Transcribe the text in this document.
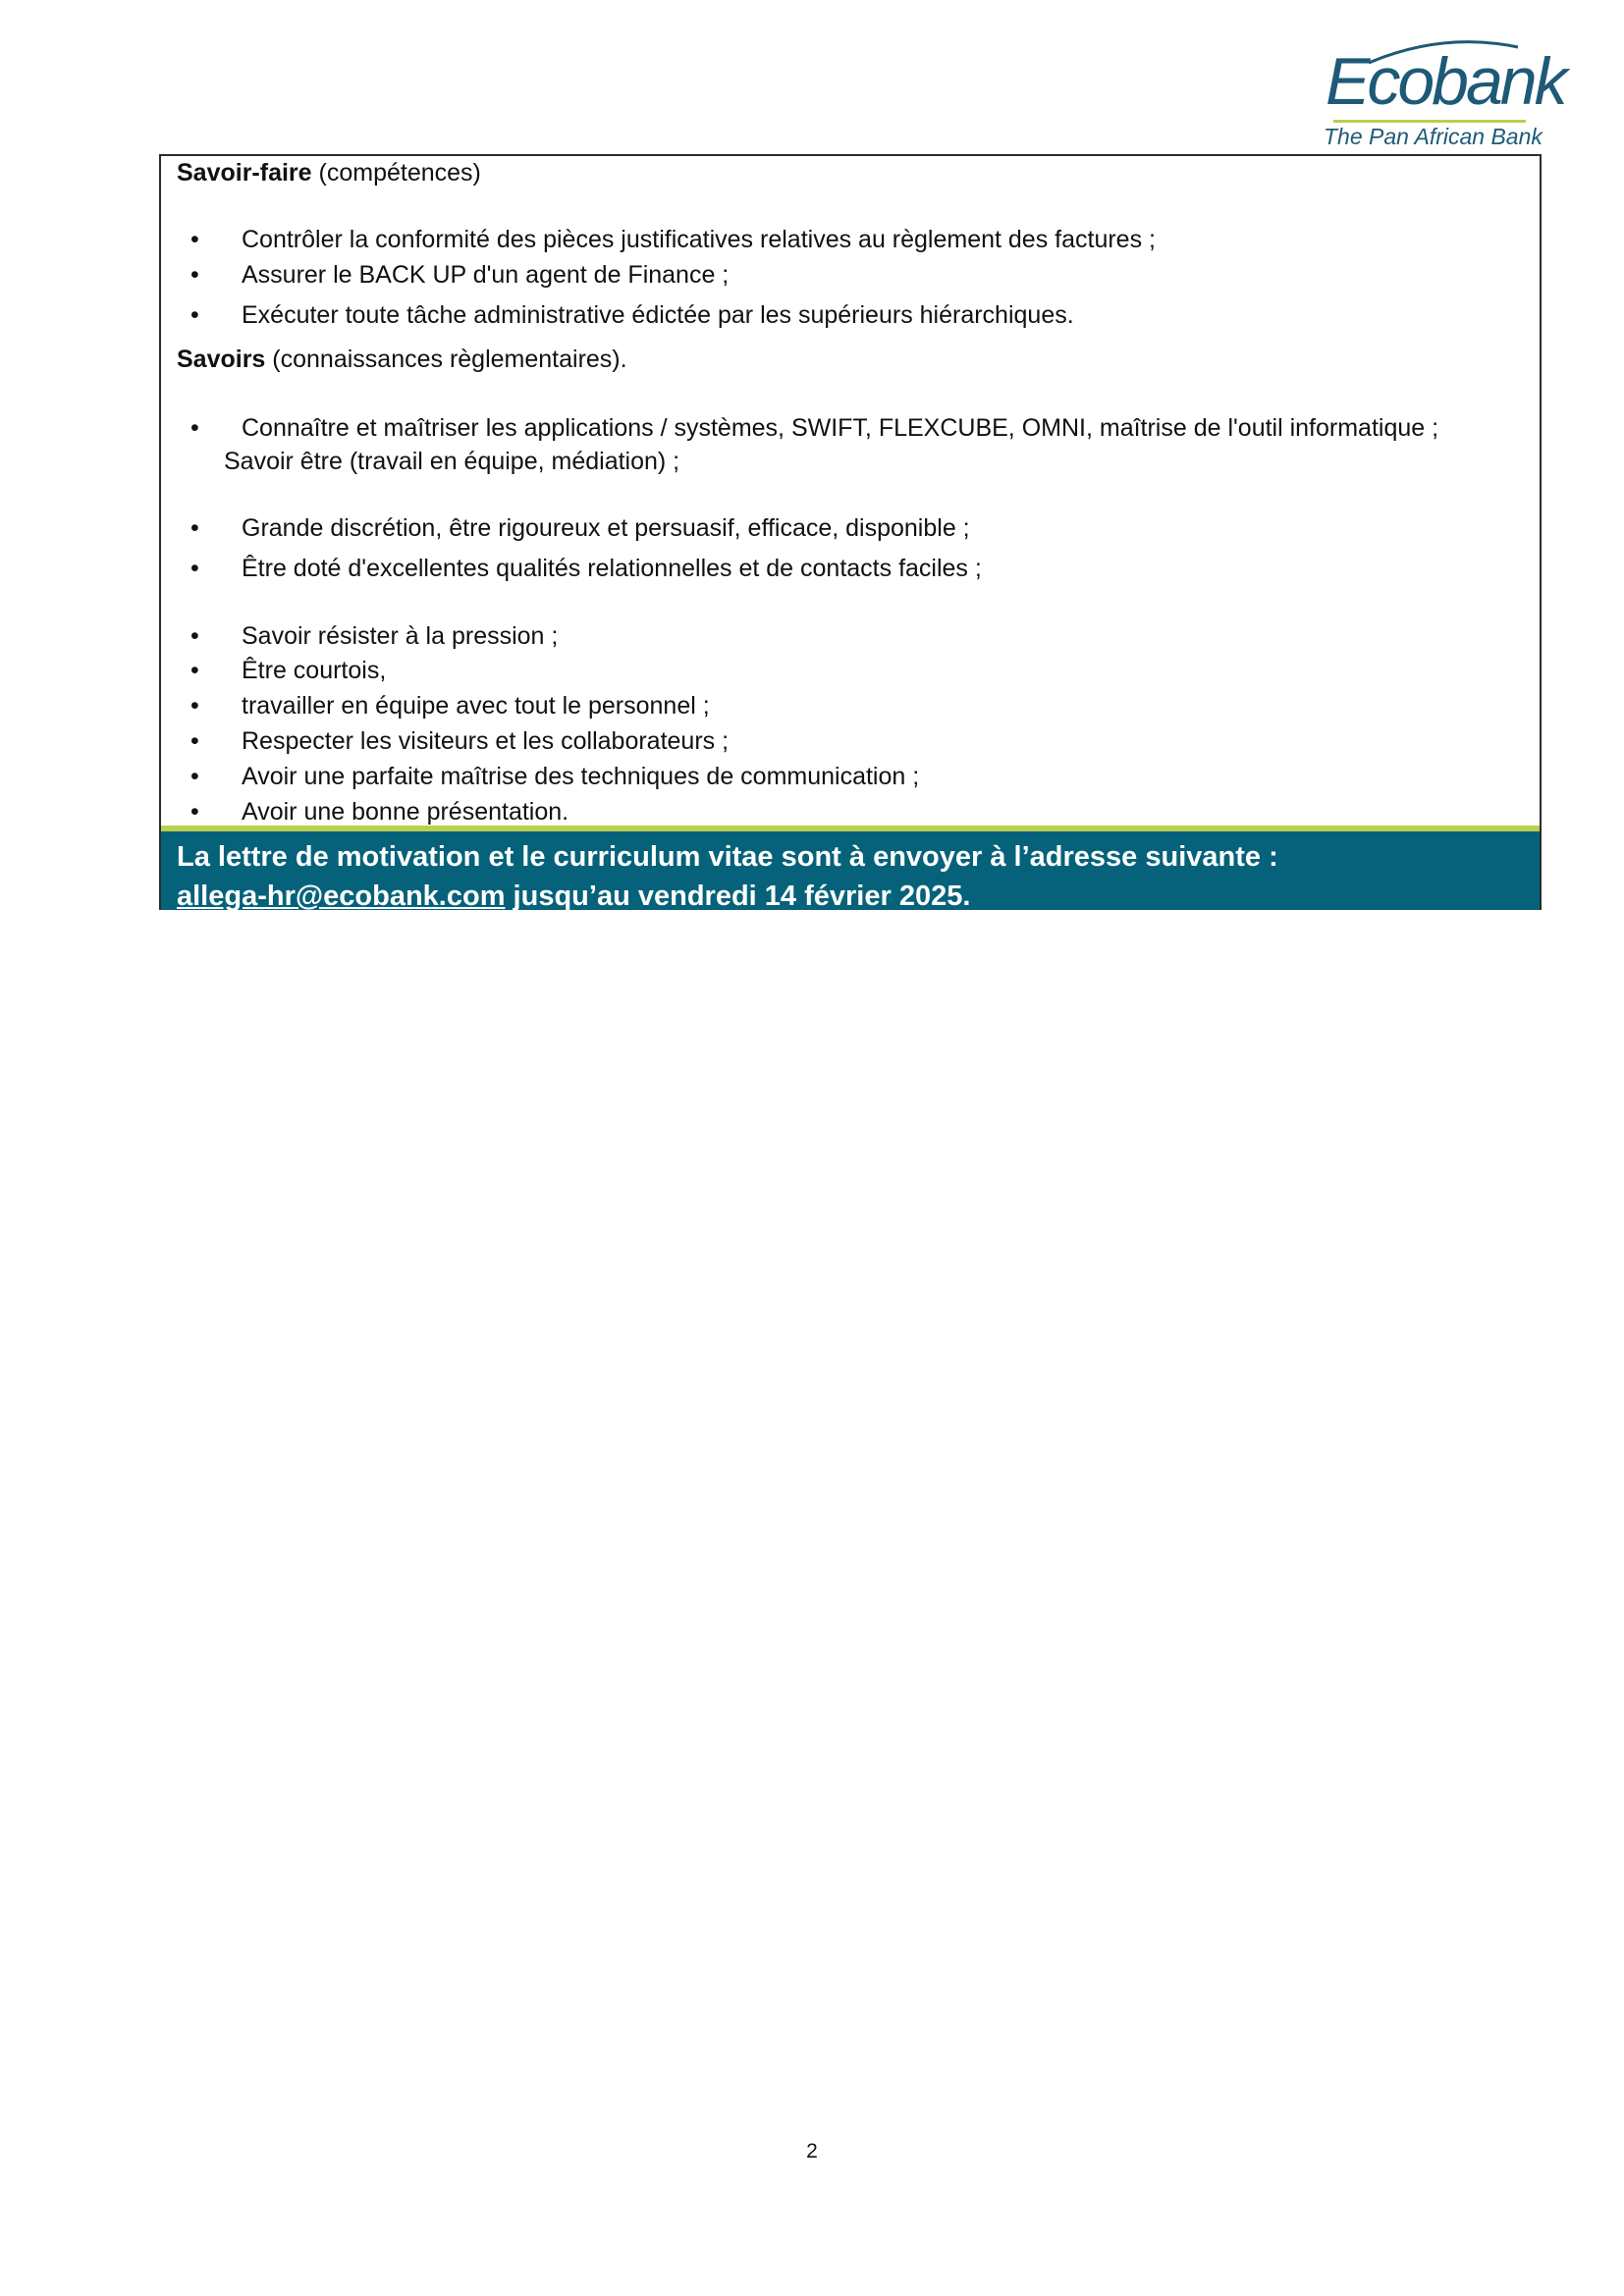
Ecobank
The Pan African Bank
Savoir-faire (compétences)
• Contrôler la conformité des pièces justificatives relatives au règlement des factures ;
• Assurer le BACK UP d'un agent de Finance ;
• Exécuter toute tâche administrative édictée par les supérieurs hiérarchiques.
Savoirs (connaissances règlementaires).
• Connaître et maîtriser les applications / systèmes, SWIFT, FLEXCUBE, OMNI, maîtrise de l'outil informatique ;
Savoir être (travail en équipe, médiation) ;
• Grande discrétion, être rigoureux et persuasif, efficace, disponible ;
• Être doté d'excellentes qualités relationnelles et de contacts faciles ;
• Savoir résister à la pression ;
• Être courtois,
• travailler en équipe avec tout le personnel ;
• Respecter les visiteurs et les collaborateurs ;
• Avoir une parfaite maîtrise des techniques de communication ;
• Avoir une bonne présentation.
La lettre de motivation et le curriculum vitae sont à envoyer à l’adresse suivante :
allega-hr@ecobank.com jusqu’au vendredi 14 février 2025.
2
